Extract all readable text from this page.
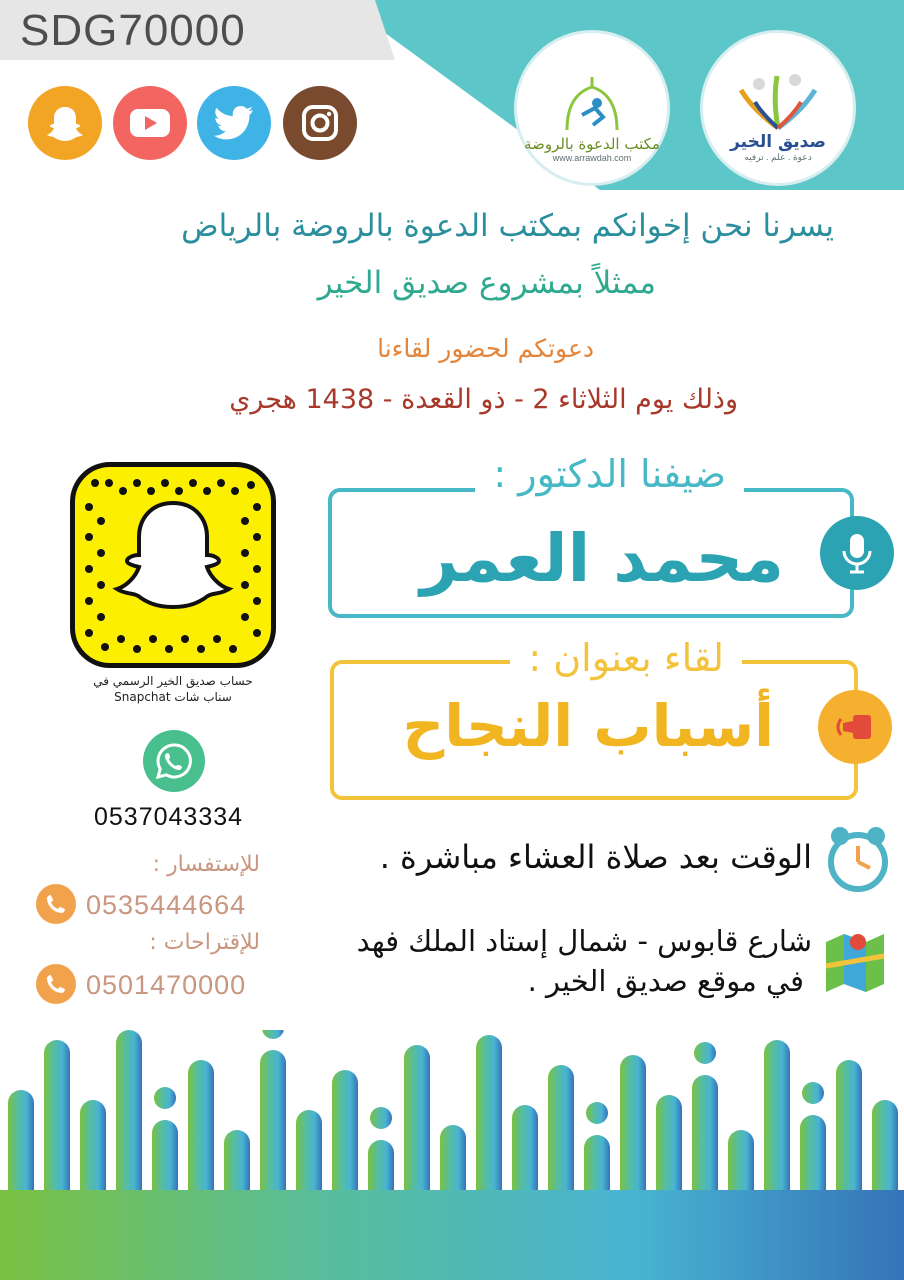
SDG70000
مكتب الدعوة بالروضة
www.arrawdah.com
صديق الخير
دعوة . علم . ترفيه
يسرنا نحن إخوانكم بمكتب الدعوة بالروضة بالرياض
ممثلاً بمشروع صديق الخير
دعوتكم لحضور لقاءنا
وذلك يوم الثلاثاء 2 - ذو القعدة - 1438 هجري
حساب صديق الخير الرسمي في
سناب شات Snapchat
0537043334
للإستفسار :
0535444664
للإقتراحات :
0501470000
ضيفنا الدكتور :
محمد العمر
لقاء بعنوان :
أسباب النجاح
الوقت بعد صلاة العشاء مباشرة .
شارع قابوس - شمال إستاد الملك فهد
في موقع صديق الخير .
